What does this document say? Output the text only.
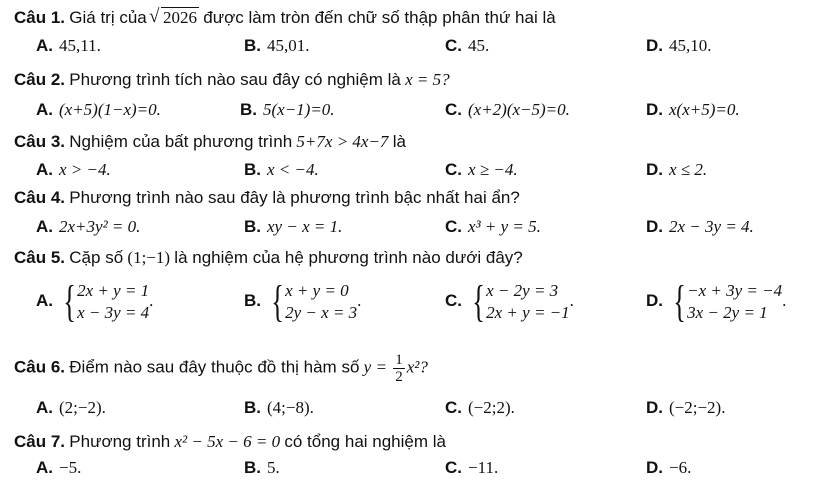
Câu 1. Giá trị của √ 2026 được làm tròn đến chữ số thập phân thứ hai là
A. 45,11.	B. 45,01.	C. 45.	D. 45,10.
Câu 2. Phương trình tích nào sau đây có nghiệm là x = 5?
A. (x+5)(1−x)=0.	B. 5(x−1)=0.	C. (x+2)(x−5)=0.	D. x(x+5)=0.
Câu 3. Nghiệm của bất phương trình 5+7x > 4x−7 là
A. x > −4.	B. x < −4.	C. x ≥ −4.	D. x ≤ 2.
Câu 4. Phương trình nào sau đây là phương trình bậc nhất hai ẩn?
A. 2x+3y² = 0.	B. xy − x = 1.	C. x³ + y = 5.	D. 2x − 3y = 4.
Câu 5. Cặp số (1;−1) là nghiệm của hệ phương trình nào dưới đây?
A. { 2x + y = 1
x − 3y = 4
.	B. { x + y = 0
2y − x = 3
.	C. { x − 2y = 3
2x + y = −1
.	D. { −x + 3y = −4
3x − 2y = 1
.
Câu 6. Điểm nào sau đây thuộc đồ thị hàm số $y = \frac{1}{2} x^2$?
A. (2;−2).	B. (4;−8).	C. (−2;2).	D. (−2;−2).
Câu 7. Phương trình x² − 5x − 6 = 0 có tổng hai nghiệm là
A. −5.	B. 5.	C. −11.	D. −6.
